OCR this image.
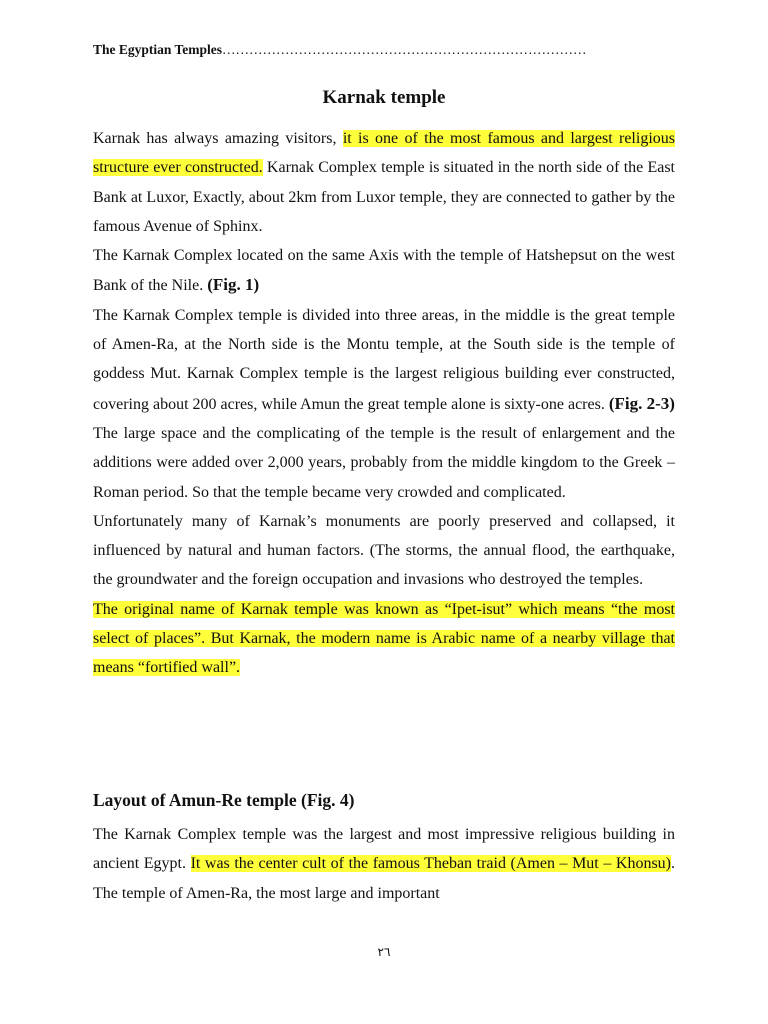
The Egyptian Temples………………………………………………………………………
Karnak temple

Karnak has always amazing visitors, it is one of the most famous and largest religious structure ever constructed. Karnak Complex temple is situated in the north side of the East Bank at Luxor, Exactly, about 2km from Luxor temple, they are connected to gather by the famous Avenue of Sphinx.

The Karnak Complex located on the same Axis with the temple of Hatshepsut on the west Bank of the Nile. (Fig. 1)

The Karnak Complex temple is divided into three areas, in the middle is the great temple of Amen-Ra, at the North side is the Montu temple, at the South side is the temple of goddess Mut. Karnak Complex temple is the largest religious building ever constructed, covering about 200 acres, while Amun the great temple alone is sixty-one acres. (Fig. 2-3)

The large space and the complicating of the temple is the result of enlargement and the additions were added over 2,000 years, probably from the middle kingdom to the Greek – Roman period. So that the temple became very crowded and complicated.

Unfortunately many of Karnak’s monuments are poorly preserved and collapsed, it influenced by natural and human factors. (The storms, the annual flood, the earthquake, the groundwater and the foreign occupation and invasions who destroyed the temples.

The original name of Karnak temple was known as “Ipet-isut” which means “the most select of places”. But Karnak, the modern name is Arabic name of a nearby village that means “fortified wall”.

Layout of Amun-Re temple (Fig. 4)

The Karnak Complex temple was the largest and most impressive religious building in ancient Egypt. It was the center cult of the famous Theban traid (Amen – Mut – Khonsu). The temple of Amen-Ra, the most large and important

٢٦
